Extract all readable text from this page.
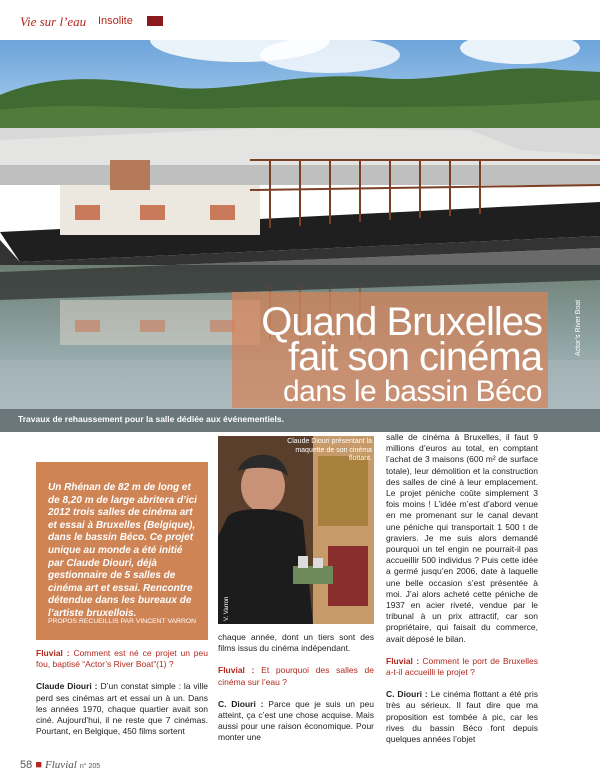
Vie sur l’eau Insolite
Quand Bruxelles
fait son cinéma
dans le bassin Béco
Travaux de rehaussement pour la salle dédiée aux événementiels.
Actor’s River Boat
Un Rhénan de 82 m de long et de 8,20 m de large abritera d’ici 2012 trois salles de cinéma art et essai à Bruxelles (Belgique), dans le bassin Béco. Ce projet unique au monde a été initié par Claude Diouri, déjà gestionnaire de 5 salles de cinéma art et essai. Rencontre détendue dans les bureaux de l’artiste bruxellois.
PROPOS RECUEILLIS PAR VINCENT VARRON
Claude Diouri présentant la maquette de son cinéma flottant.
V. Varron

Fluvial : Comment est né ce projet un peu fou, baptisé “Actor’s River Boat”(1) ?

Claude Diouri : D’un constat simple : la ville perd ses cinémas art et essai un à un. Dans les années 1970, chaque quartier avait son ciné. Aujourd’hui, il ne reste que 7 cinémas. Pourtant, en Belgique, 450 films sortent

chaque année, dont un tiers sont des films issus du cinéma indépendant.

Fluvial : Et pourquoi des salles de cinéma sur l’eau ?

C. Diouri : Parce que je suis un peu atteint, ça c’est une chose acquise. Mais aussi pour une raison économique. Pour monter une

salle de cinéma à Bruxelles, il faut 9 millions d’euros au total, en comptant l’achat de 3 maisons (600 m² de surface totale), leur démolition et la construction des salles de ciné à leur emplacement. Le projet péniche coûte simplement 3 fois moins ! L’idée m’est d’abord venue en me promenant sur le canal devant une péniche qui transportait 1 500 t de graviers. Je me suis alors demandé pourquoi un tel engin ne pourrait-il pas accueillir 500 individus ? Puis cette idée a germé jusqu’en 2006, date à laquelle une belle occasion s’est présentée à moi. J’ai alors acheté cette péniche de 1937 en acier riveté, vendue par le tribunal à un prix attractif, car son propriétaire, qui faisait du commerce, avait déposé le bilan.

Fluvial : Comment le port de Bruxelles a-t-il accueilli le projet ?

C. Diouri : Le cinéma flottant a été pris très au sérieux. Il faut dire que ma proposition est tombée à pic, car les rives du bassin Béco font depuis quelques années l’objet

58 ■ Fluvial n° 205
